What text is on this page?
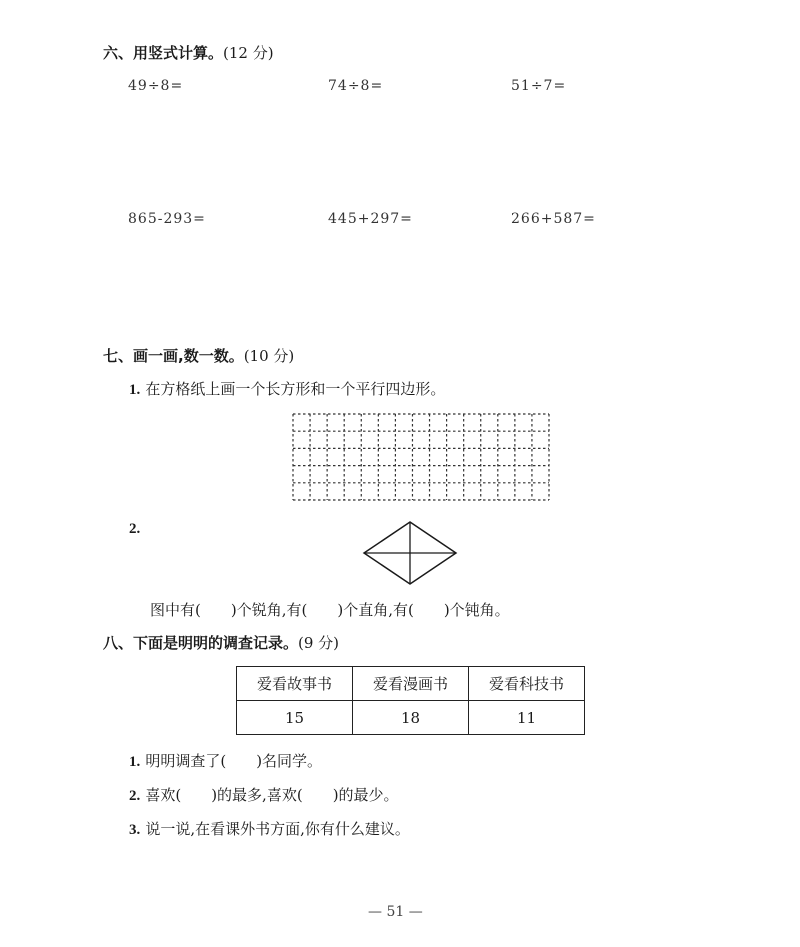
六、用竖式计算。(12 分)
49÷8=	74÷8=	51÷7=
865-293=	445+297=	266+587=
七、画一画,数一数。(10 分)
1. 在方格纸上画一个长方形和一个平行四边形。
2.
图中有( )个锐角,有( )个直角,有( )个钝角。
八、下面是明明的调查记录。(9 分)
爱看故事书	爱看漫画书	爱看科技书
15	18	11
1. 明明调查了( )名同学。
2. 喜欢( )的最多,喜欢( )的最少。
3. 说一说,在看课外书方面,你有什么建议。
— 51 —
